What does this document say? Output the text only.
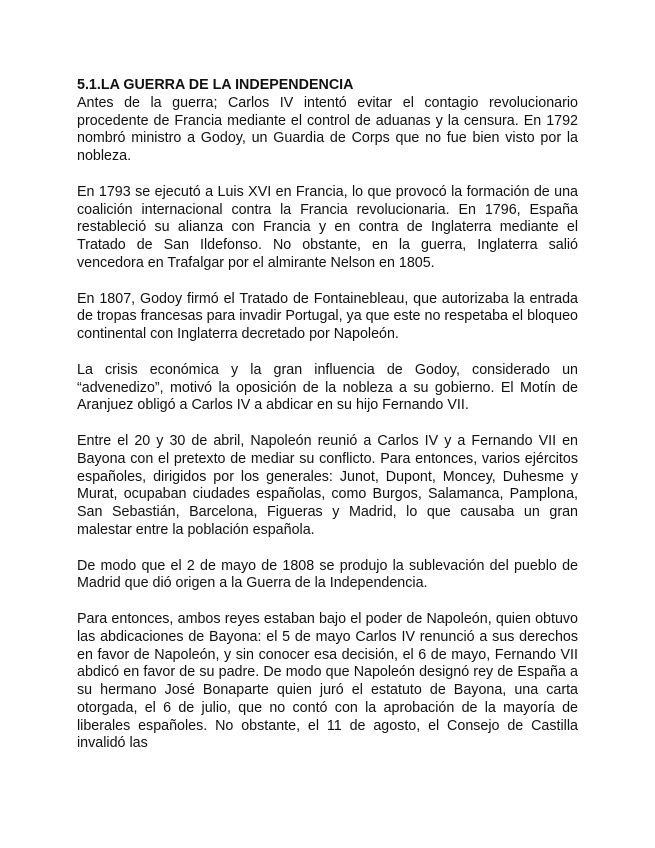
5.1.LA GUERRA DE LA INDEPENDENCIA

Antes de la guerra; Carlos IV intentó evitar el contagio revolucionario procedente de Francia mediante el control de aduanas y la censura. En 1792 nombró ministro a Godoy, un Guardia de Corps que no fue bien visto por la nobleza.

En 1793 se ejecutó a Luis XVI en Francia, lo que provocó la formación de una coalición internacional contra la Francia revolucionaria. En 1796, España restableció su alianza con Francia y en contra de Inglaterra mediante el Tratado de San Ildefonso. No obstante, en la guerra, Inglaterra salió vencedora en Trafalgar por el almirante Nelson en 1805.

En 1807, Godoy firmó el Tratado de Fontainebleau, que autorizaba la entrada de tropas francesas para invadir Portugal, ya que este no respetaba el bloqueo continental con Inglaterra decretado por Napoleón.

La crisis económica y la gran influencia de Godoy, considerado un “advenedizo”, motivó la oposición de la nobleza a su gobierno. El Motín de Aranjuez obligó a Carlos IV a abdicar en su hijo Fernando VII.

Entre el 20 y 30 de abril, Napoleón reunió a Carlos IV y a Fernando VII en Bayona con el pretexto de mediar su conflicto. Para entonces, varios ejércitos españoles, dirigidos por los generales: Junot, Dupont, Moncey, Duhesme y Murat, ocupaban ciudades españolas, como Burgos, Salamanca, Pamplona, San Sebastián, Barcelona, Figueras y Madrid, lo que causaba un gran malestar entre la población española.

De modo que el 2 de mayo de 1808 se produjo la sublevación del pueblo de Madrid que dió origen a la Guerra de la Independencia.

Para entonces, ambos reyes estaban bajo el poder de Napoleón, quien obtuvo las abdicaciones de Bayona: el 5 de mayo Carlos IV renunció a sus derechos en favor de Napoleón, y sin conocer esa decisión, el 6 de mayo, Fernando VII abdicó en favor de su padre. De modo que Napoleón designó rey de España a su hermano José Bonaparte quien juró el estatuto de Bayona, una carta otorgada, el 6 de julio, que no contó con la aprobación de la mayoría de liberales españoles. No obstante, el 11 de agosto, el Consejo de Castilla invalidó las
